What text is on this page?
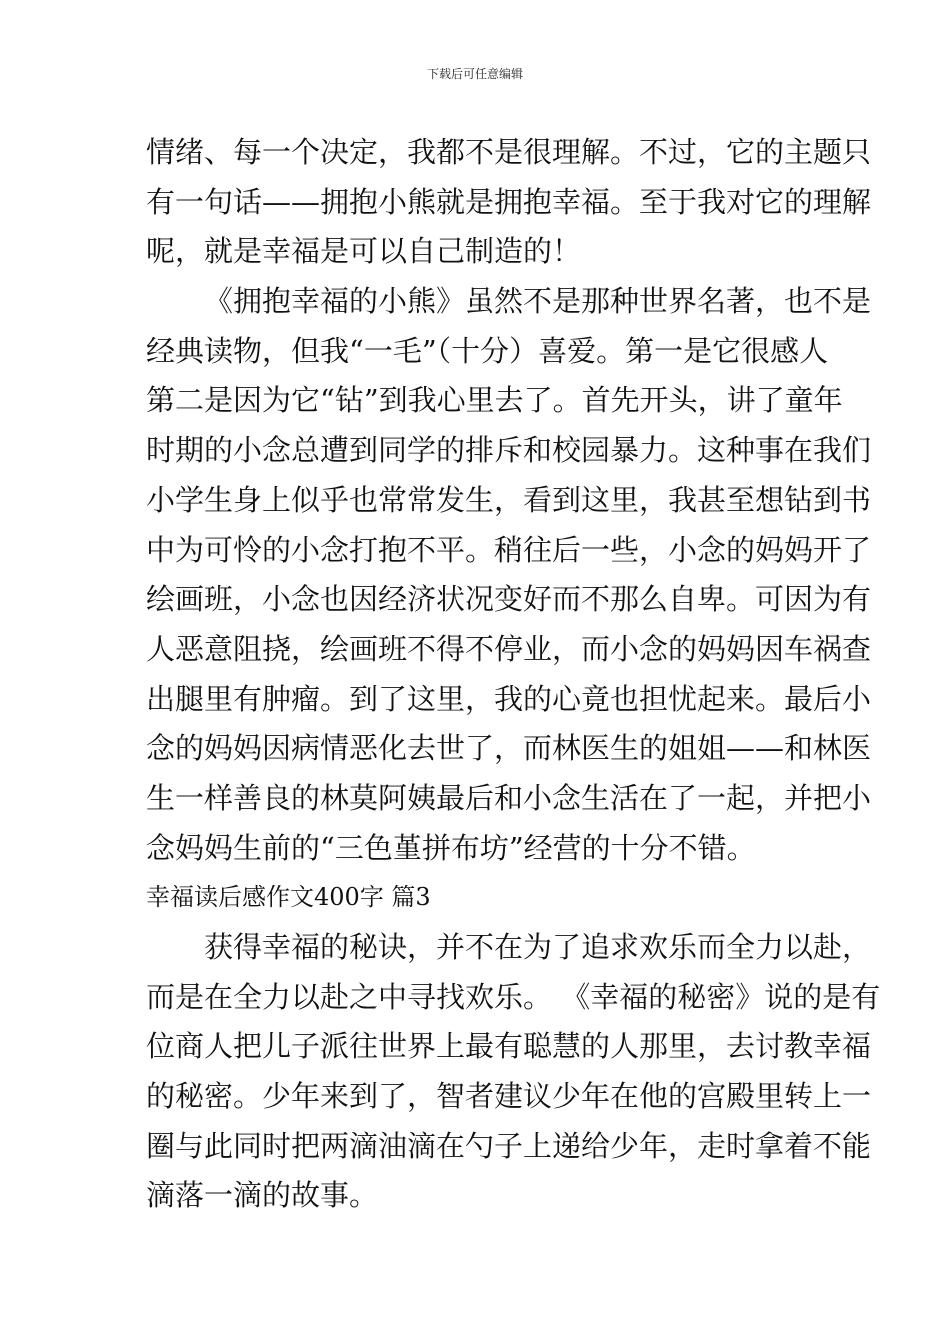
下载后可任意编辑
情绪、每一个决定，我都不是很理解。不过，它的主题只
有一句话——拥抱小熊就是拥抱幸福。至于我对它的理解
呢，就是幸福是可以自己制造的！
《拥抱幸福的小熊》虽然不是那种世界名著，也不是
经典读物，但我“一毛”（十分）喜爱。第一是它很感人
第二是因为它“钻”到我心里去了。首先开头，讲了童年
时期的小念总遭到同学的排斥和校园暴力。这种事在我们
小学生身上似乎也常常发生，看到这里，我甚至想钻到书
中为可怜的小念打抱不平。稍往后一些，小念的妈妈开了
绘画班，小念也因经济状况变好而不那么自卑。可因为有
人恶意阻挠，绘画班不得不停业，而小念的妈妈因车祸查
出腿里有肿瘤。到了这里，我的心竟也担忧起来。最后小
念的妈妈因病情恶化去世了，而林医生的姐姐——和林医
生一样善良的林莫阿姨最后和小念生活在了一起，并把小
念妈妈生前的“三色堇拼布坊”经营的十分不错。
幸福读后感作文400字 篇3
获得幸福的秘诀，并不在为了追求欢乐而全力以赴，
而是在全力以赴之中寻找欢乐。 《幸福的秘密》说的是有
位商人把儿子派往世界上最有聪慧的人那里，去讨教幸福
的秘密。少年来到了，智者建议少年在他的宫殿里转上一
圈与此同时把两滴油滴在勺子上递给少年，走时拿着不能
滴落一滴的故事。
